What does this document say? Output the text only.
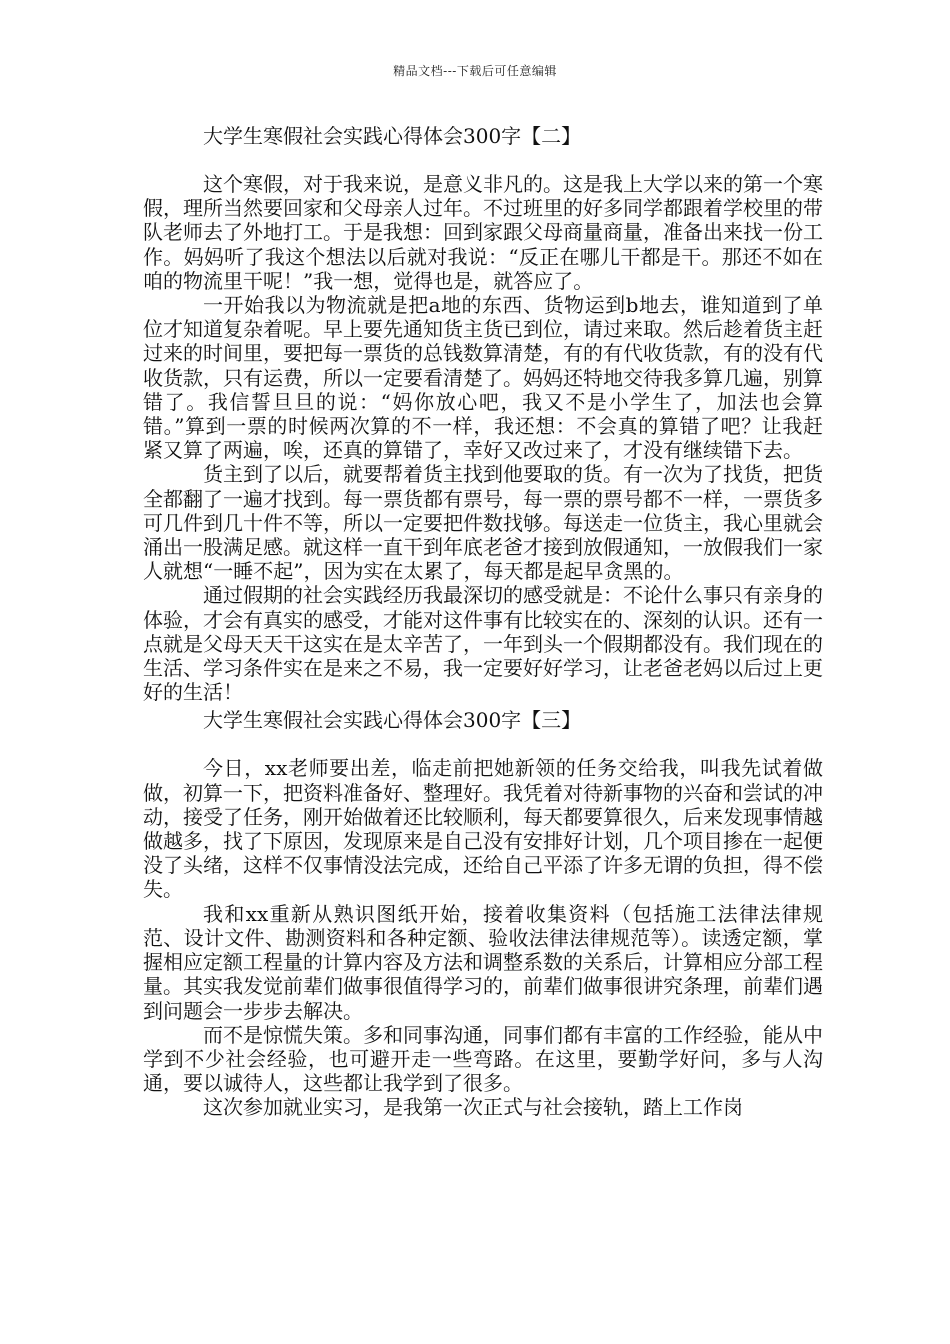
精品文档---下载后可任意编辑
大学生寒假社会实践心得体会300字【二】

这个寒假，对于我来说，是意义非凡的。这是我上大学以来的第一个寒假，理所当然要回家和父母亲人过年。不过班里的好多同学都跟着学校里的带队老师去了外地打工。于是我想：回到家跟父母商量商量，准备出来找一份工作。妈妈听了我这个想法以后就对我说：“反正在哪儿干都是干。那还不如在咱的物流里干呢！”我一想，觉得也是，就答应了。

一开始我以为物流就是把a地的东西、货物运到b地去，谁知道到了单位才知道复杂着呢。早上要先通知货主货已到位，请过来取。然后趁着货主赶过来的时间里，要把每一票货的总钱数算清楚，有的有代收货款，有的没有代收货款，只有运费，所以一定要看清楚了。妈妈还特地交待我多算几遍，别算错了。我信誓旦旦的说：“妈你放心吧，我又不是小学生了，加法也会算错。”算到一票的时候两次算的不一样，我还想：不会真的算错了吧？让我赶紧又算了两遍，唉，还真的算错了，幸好又改过来了，才没有继续错下去。

货主到了以后，就要帮着货主找到他要取的货。有一次为了找货，把货全都翻了一遍才找到。每一票货都有票号，每一票的票号都不一样，一票货多可几件到几十件不等，所以一定要把件数找够。每送走一位货主，我心里就会涌出一股满足感。就这样一直干到年底老爸才接到放假通知，一放假我们一家人就想“一睡不起”，因为实在太累了，每天都是起早贪黑的。

通过假期的社会实践经历我最深切的感受就是：不论什么事只有亲身的体验，才会有真实的感受，才能对这件事有比较实在的、深刻的认识。还有一点就是父母天天干这实在是太辛苦了，一年到头一个假期都没有。我们现在的生活、学习条件实在是来之不易，我一定要好好学习，让老爸老妈以后过上更好的生活！

大学生寒假社会实践心得体会300字【三】

今日，xx老师要出差，临走前把她新领的任务交给我，叫我先试着做做，初算一下，把资料准备好、整理好。我凭着对待新事物的兴奋和尝试的冲动，接受了任务，刚开始做着还比较顺利，每天都要算很久，后来发现事情越做越多，找了下原因，发现原来是自己没有安排好计划，几个项目掺在一起便没了头绪，这样不仅事情没法完成，还给自己平添了许多无谓的负担，得不偿失。

我和xx重新从熟识图纸开始，接着收集资料（包括施工法律法律规范、设计文件、勘测资料和各种定额、验收法律法律规范等）。读透定额，掌握相应定额工程量的计算内容及方法和调整系数的关系后，计算相应分部工程量。其实我发觉前辈们做事很值得学习的，前辈们做事很讲究条理，前辈们遇到问题会一步步去解决。

而不是惊慌失策。多和同事沟通，同事们都有丰富的工作经验，能从中学到不少社会经验，也可避开走一些弯路。在这里，要勤学好问，多与人沟通，要以诚待人，这些都让我学到了很多。

这次参加就业实习，是我第一次正式与社会接轨，踏上工作岗
